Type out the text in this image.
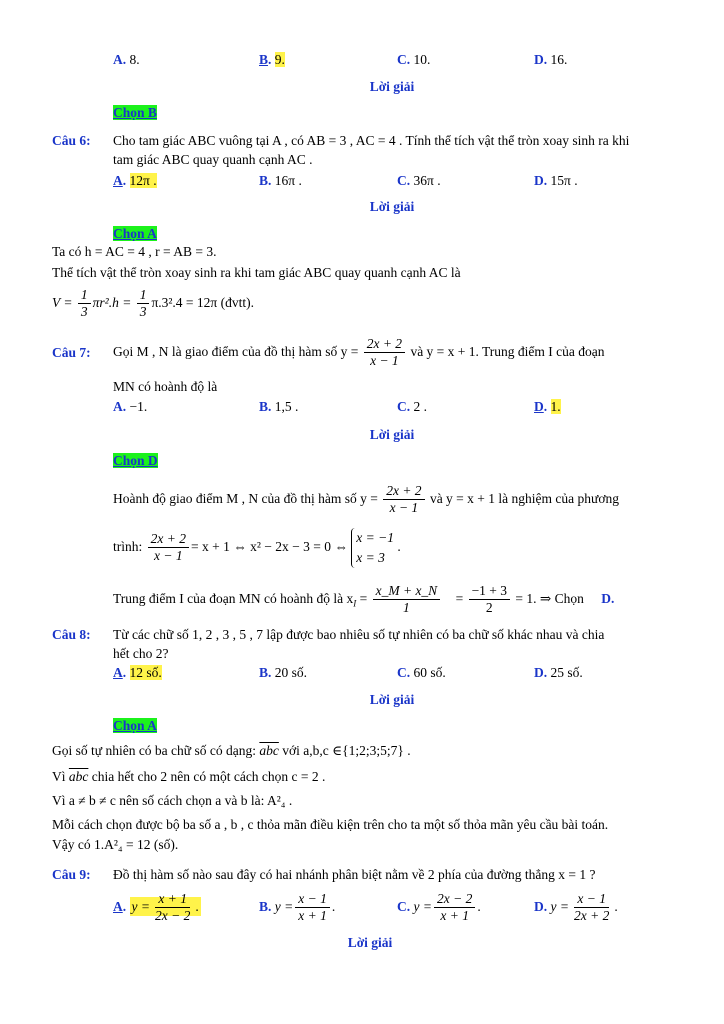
A. 8.	B. 9.	C. 10.	D. 16.
Lời giải
Chọn B
Câu 6: Cho tam giác ABC vuông tại A , có AB = 3 , AC = 4 . Tính thể tích vật thể tròn xoay sinh ra khi
tam giác ABC quay quanh cạnh AC .
A. 12π .	B. 16π .	C. 36π .	D. 15π .
Lời giải
Chọn A
Ta có h = AC = 4 , r = AB = 3.
Thể tích vật thể tròn xoay sinh ra khi tam giác ABC quay quanh cạnh AC là
$V = \frac{1}{3} \pi r^2.h = \frac{1}{3} \pi.3^2.4 = 12\pi$ (đvtt).
Câu 7: Gọi M , N là giao điểm của đồ thị hàm số $y = \frac{2x + 2}{x - 1}$ và y = x + 1. Trung điểm I của đoạn
MN có hoành độ là
A. −1.	B. 1,5 .	C. 2 .	D. 1.
Lời giải
Chọn D
Hoành độ giao điểm M , N của đồ thị hàm số $y = \frac{2x + 2}{x - 1}$ và y = x + 1 là nghiệm của phương
trình: $\frac{2x + 2}{x - 1} = x + 1$ ⇔ x² − 2x − 3 = 0 ⇔
x = −1
x = 3
.
Trung điểm I của đoạn MN có hoành độ là $x_I = \frac{x\_M + x\_N}{1} = \frac{-1 + 3}{2} = 1$. ⇒ Chọn D.
Câu 8: Từ các chữ số 1, 2 , 3 , 5 , 7 lập được bao nhiêu số tự nhiên có ba chữ số khác nhau và chia
hết cho 2?
A. 12 số.	B. 20 số.	C. 60 số.	D. 25 số.
Lời giải
Chọn A
Gọi số tự nhiên có ba chữ số có dạng: $\overline{abc}$ với a,b,c ∈{1;2;3;5;7} .
Vì $\overline{abc}$ chia hết cho 2 nên có một cách chọn c = 2 .
Vì a ≠ b ≠ c nên số cách chọn a và b là: A²₄ .
Mỗi cách chọn được bộ ba số a , b , c thỏa mãn điều kiện trên cho ta một số thỏa mãn yêu cầu bài toán.
Vậy có 1.A²₄ = 12 (số).
Câu 9: Đồ thị hàm số nào sau đây có hai nhánh phân biệt nằm về 2 phía của đường thẳng x = 1 ?
A. $y = \frac{x + 1}{2x - 2}$ .	B. $y = \frac{x - 1}{x + 1}$ .	C. $y = \frac{2x - 2}{x + 1}$ .	D. $y = \frac{x - 1}{2x + 2}$ .
Lời giải
